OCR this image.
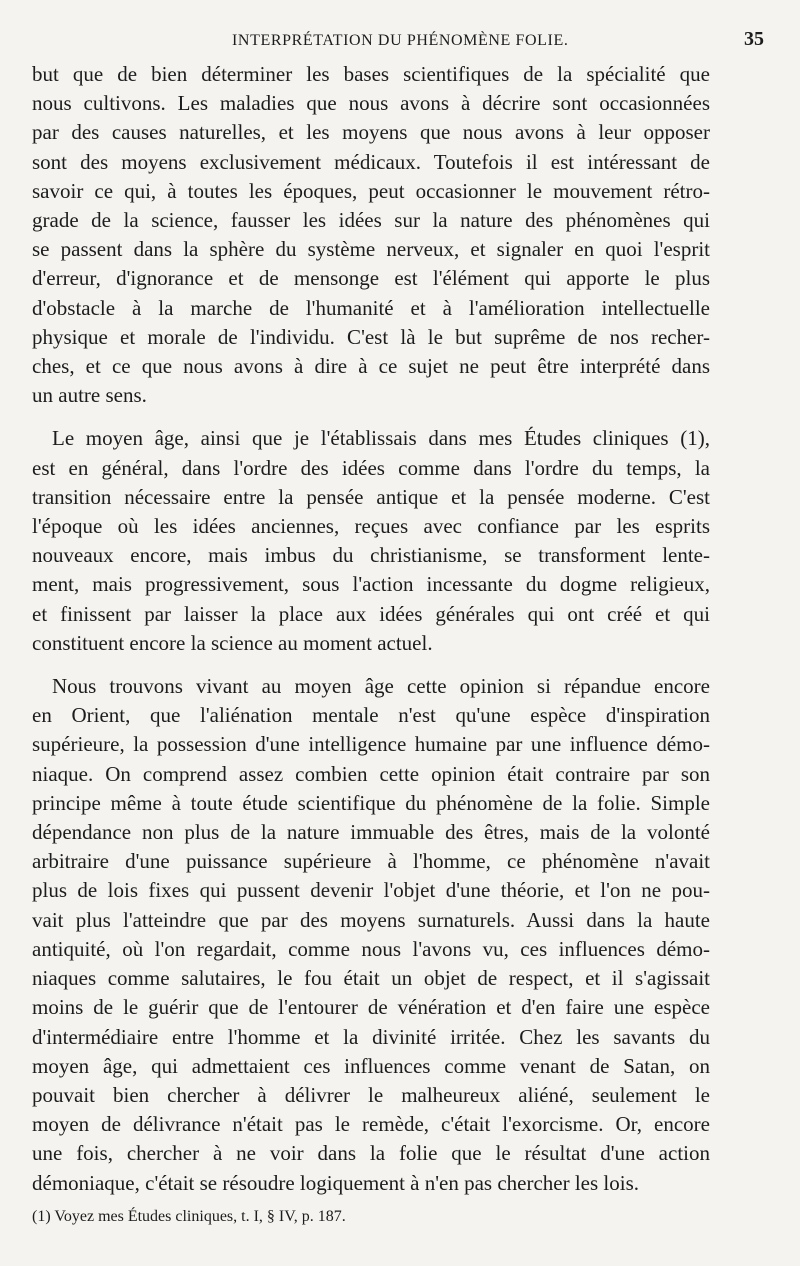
INTERPRÉTATION DU PHÉNOMÈNE FOLIE.	35

but que de bien déterminer les bases scientifiques de la spécialité que
nous cultivons. Les maladies que nous avons à décrire sont occasionnées
par des causes naturelles, et les moyens que nous avons à leur opposer
sont des moyens exclusivement médicaux. Toutefois il est intéressant de
savoir ce qui, à toutes les époques, peut occasionner le mouvement rétro-
grade de la science, fausser les idées sur la nature des phénomènes qui
se passent dans la sphère du système nerveux, et signaler en quoi l'esprit
d'erreur, d'ignorance et de mensonge est l'élément qui apporte le plus
d'obstacle à la marche de l'humanité et à l'amélioration intellectuelle
physique et morale de l'individu. C'est là le but suprême de nos recher-
ches, et ce que nous avons à dire à ce sujet ne peut être interprété dans
un autre sens.

Le moyen âge, ainsi que je l'établissais dans mes Études cliniques (1),
est en général, dans l'ordre des idées comme dans l'ordre du temps, la
transition nécessaire entre la pensée antique et la pensée moderne. C'est
l'époque où les idées anciennes, reçues avec confiance par les esprits
nouveaux encore, mais imbus du christianisme, se transforment lente-
ment, mais progressivement, sous l'action incessante du dogme religieux,
et finissent par laisser la place aux idées générales qui ont créé et qui
constituent encore la science au moment actuel.

Nous trouvons vivant au moyen âge cette opinion si répandue encore
en Orient, que l'aliénation mentale n'est qu'une espèce d'inspiration
supérieure, la possession d'une intelligence humaine par une influence démo-
niaque. On comprend assez combien cette opinion était contraire par son
principe même à toute étude scientifique du phénomène de la folie. Simple
dépendance non plus de la nature immuable des êtres, mais de la volonté
arbitraire d'une puissance supérieure à l'homme, ce phénomène n'avait
plus de lois fixes qui pussent devenir l'objet d'une théorie, et l'on ne pou-
vait plus l'atteindre que par des moyens surnaturels. Aussi dans la haute
antiquité, où l'on regardait, comme nous l'avons vu, ces influences démo-
niaques comme salutaires, le fou était un objet de respect, et il s'agissait
moins de le guérir que de l'entourer de vénération et d'en faire une espèce
d'intermédiaire entre l'homme et la divinité irritée. Chez les savants du
moyen âge, qui admettaient ces influences comme venant de Satan, on
pouvait bien chercher à délivrer le malheureux aliéné, seulement le
moyen de délivrance n'était pas le remède, c'était l'exorcisme. Or, encore
une fois, chercher à ne voir dans la folie que le résultat d'une action
démoniaque, c'était se résoudre logiquement à n'en pas chercher les lois.

(1) Voyez mes Études cliniques, t. I, § IV, p. 187.
